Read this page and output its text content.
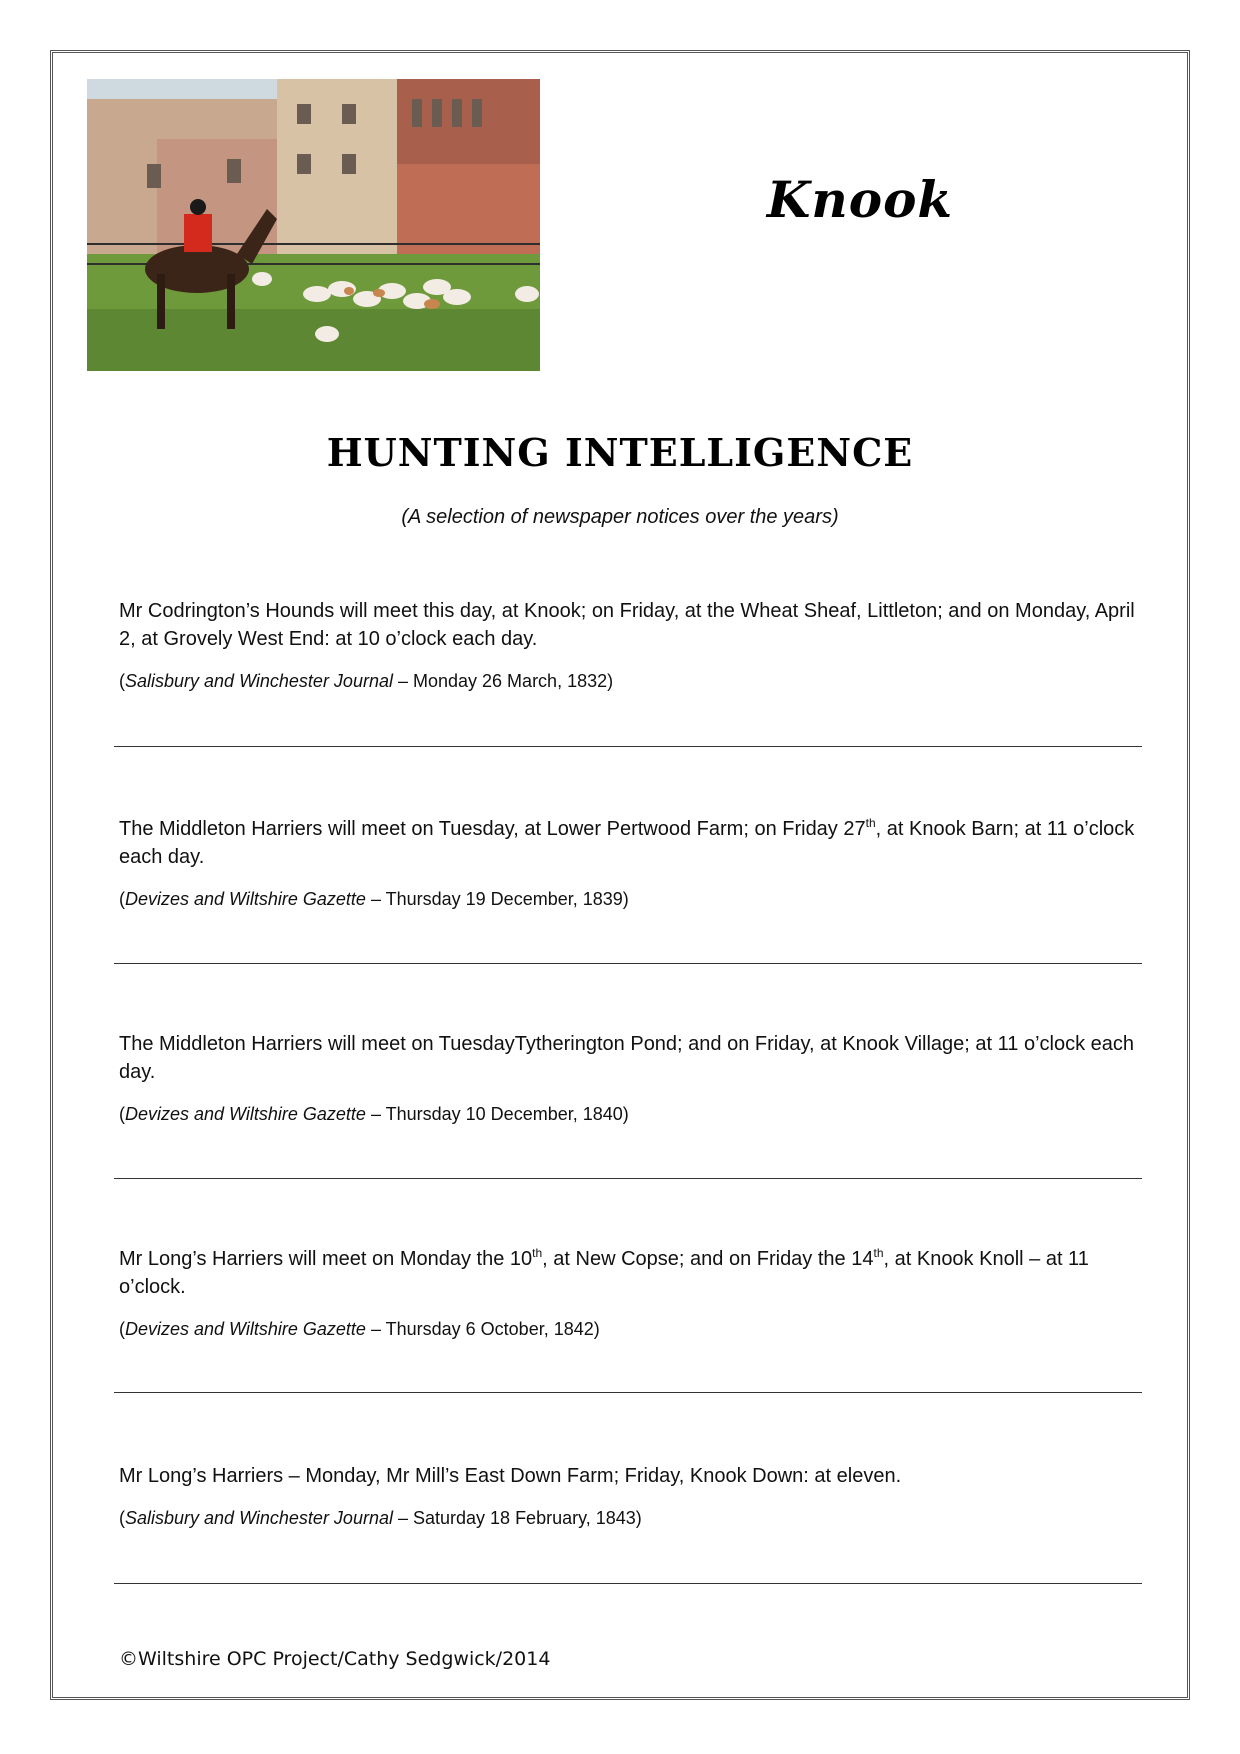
Knook
HUNTING INTELLIGENCE
(A selection of newspaper notices over the years)

Mr Codrington’s Hounds will meet this day, at Knook; on Friday, at the Wheat Sheaf, Littleton; and on Monday, April 2, at Grovely West End: at 10 o’clock each day.

(Salisbury and Winchester Journal – Monday 26 March, 1832)

The Middleton Harriers will meet on Tuesday, at Lower Pertwood Farm; on Friday 27th, at Knook Barn; at 11 o’clock each day.

(Devizes and Wiltshire Gazette – Thursday 19 December, 1839)

The Middleton Harriers will meet on TuesdayTytherington Pond; and on Friday, at Knook Village; at 11 o’clock each day.

(Devizes and Wiltshire Gazette – Thursday 10 December, 1840)

Mr Long’s Harriers will meet on Monday the 10th, at New Copse; and on Friday the 14th, at Knook Knoll – at 11 o’clock.

(Devizes and Wiltshire Gazette – Thursday 6 October, 1842)

Mr Long’s Harriers – Monday, Mr Mill’s East Down Farm; Friday, Knook Down: at eleven.

(Salisbury and Winchester Journal – Saturday 18 February, 1843)
©Wiltshire OPC Project/Cathy Sedgwick/2014
